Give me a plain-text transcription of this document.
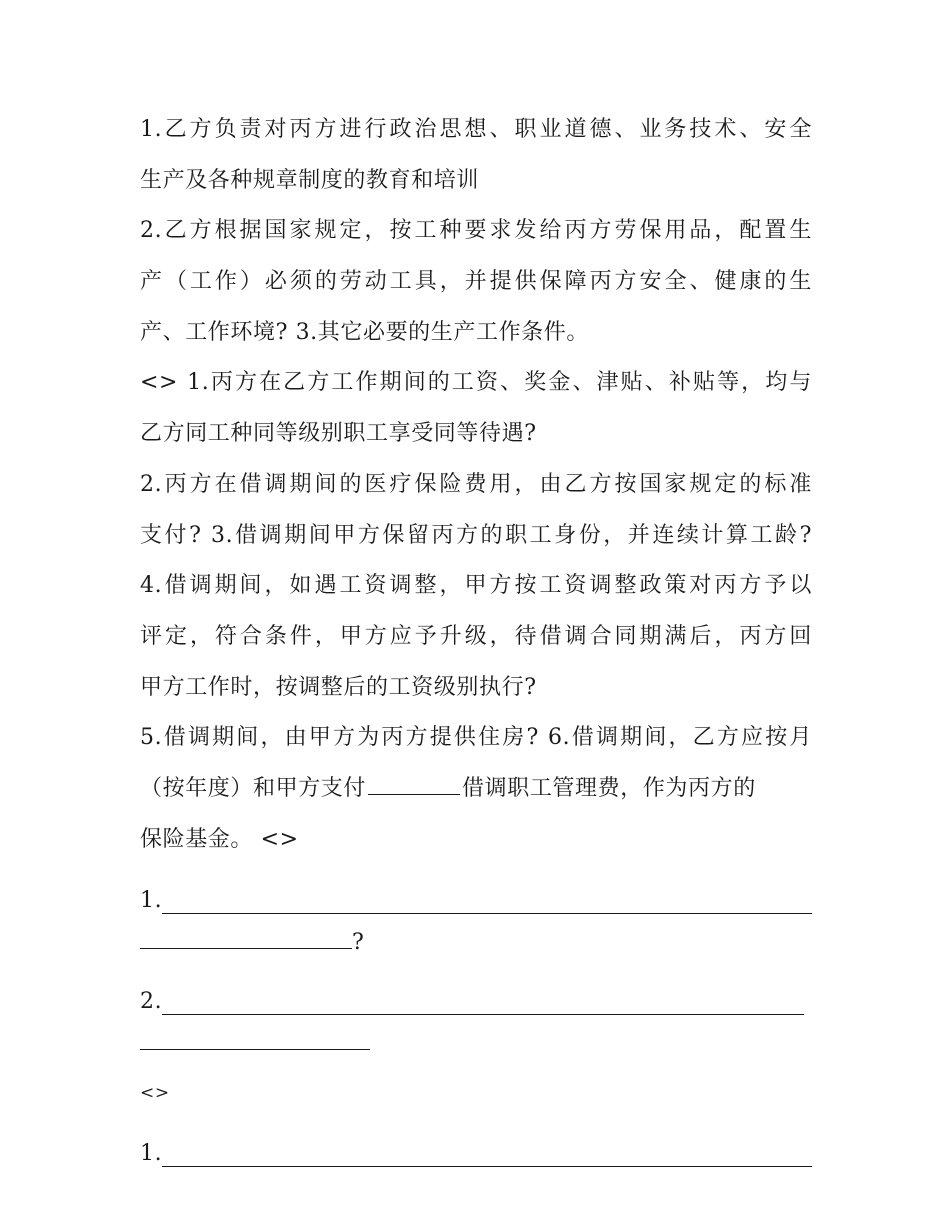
1.乙方负责对丙方进行政治思想、职业道德、业务技术、安全
生产及各种规章制度的教育和培训
2.乙方根据国家规定，按工种要求发给丙方劳保用品，配置生
产（工作）必须的劳动工具，并提供保障丙方安全、健康的生
产、工作环境? 3.其它必要的生产工作条件。
<> 1.丙方在乙方工作期间的工资、奖金、津贴、补贴等，均与
乙方同工种同等级别职工享受同等待遇?
2.丙方在借调期间的医疗保险费用，由乙方按国家规定的标准
支付? 3.借调期间甲方保留丙方的职工身份，并连续计算工龄?
4.借调期间，如遇工资调整，甲方按工资调整政策对丙方予以
评定，符合条件，甲方应予升级，待借调合同期满后，丙方回
甲方工作时，按调整后的工资级别执行?
5.借调期间，由甲方为丙方提供住房? 6.借调期间，乙方应按月
（按年度）和甲方支付	借调职工管理费，作为丙方的
保险基金。 <>
1.
?
2.
<>
1.
